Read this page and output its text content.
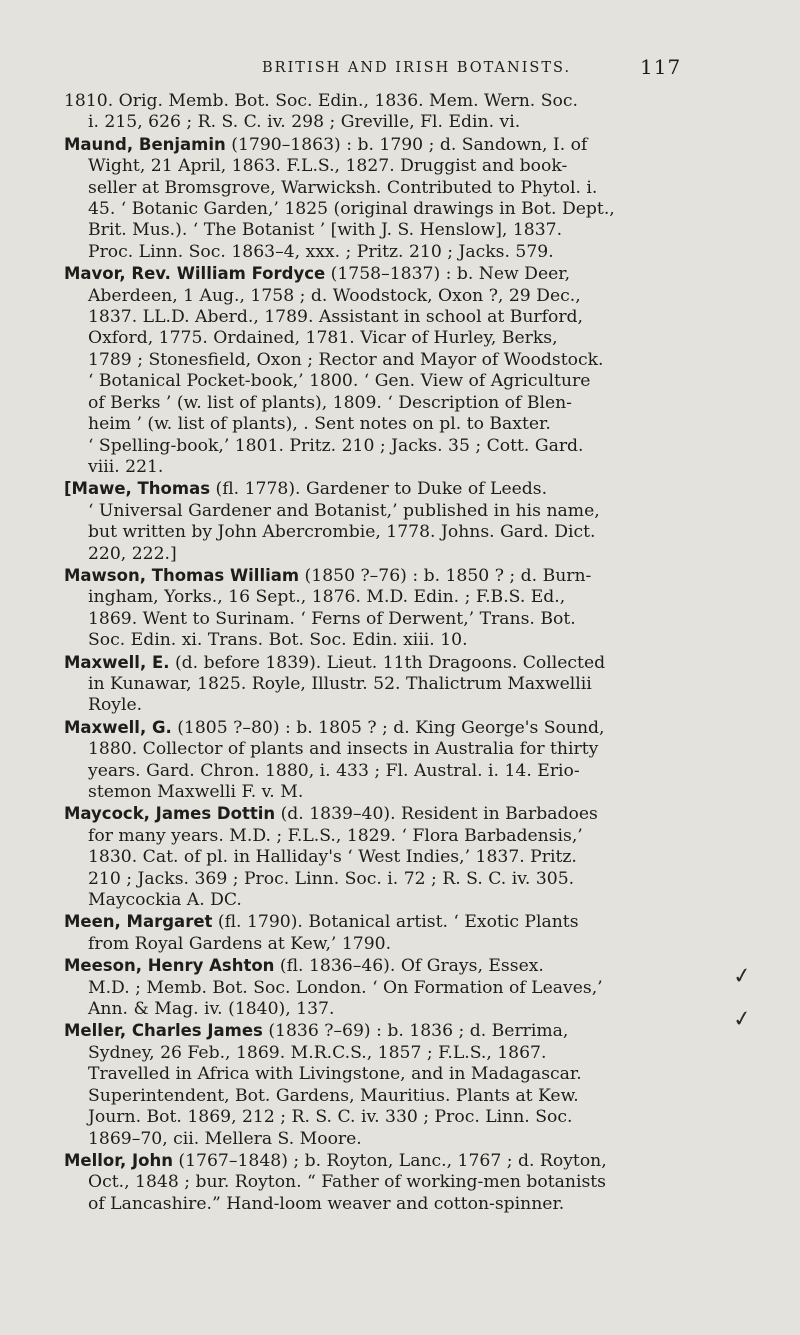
BRITISH AND IRISH BOTANISTS.	117
1810. Orig. Memb. Bot. Soc. Edin., 1836. Mem. Wern. Soc.
i. 215, 626 ; R. S. C. iv. 298 ; Greville, Fl. Edin. vi.
Maund, Benjamin (1790–1863) : b. 1790 ; d. Sandown, I. of
Wight, 21 April, 1863. F.L.S., 1827. Druggist and book-
seller at Bromsgrove, Warwicksh. Contributed to Phytol. i.
45. ‘ Botanic Garden,’ 1825 (original drawings in Bot. Dept.,
Brit. Mus.). ‘ The Botanist ’ [with J. S. Henslow], 1837.
Proc. Linn. Soc. 1863–4, xxx. ; Pritz. 210 ; Jacks. 579.
Mavor, Rev. William Fordyce (1758–1837) : b. New Deer,
Aberdeen, 1 Aug., 1758 ; d. Woodstock, Oxon ?, 29 Dec.,
1837. LL.D. Aberd., 1789. Assistant in school at Burford,
Oxford, 1775. Ordained, 1781. Vicar of Hurley, Berks,
1789 ; Stonesfield, Oxon ; Rector and Mayor of Woodstock.
‘ Botanical Pocket-book,’ 1800. ‘ Gen. View of Agriculture
of Berks ’ (w. list of plants), 1809. ‘ Description of Blen-
heim ’ (w. list of plants), . Sent notes on pl. to Baxter.
‘ Spelling-book,’ 1801. Pritz. 210 ; Jacks. 35 ; Cott. Gard.
viii. 221.
[Mawe, Thomas (fl. 1778). Gardener to Duke of Leeds.
‘ Universal Gardener and Botanist,’ published in his name,
but written by John Abercrombie, 1778. Johns. Gard. Dict.
220, 222.]
Mawson, Thomas William (1850 ?–76) : b. 1850 ? ; d. Burn-
ingham, Yorks., 16 Sept., 1876. M.D. Edin. ; F.B.S. Ed.,
1869. Went to Surinam. ‘ Ferns of Derwent,’ Trans. Bot.
Soc. Edin. xi. Trans. Bot. Soc. Edin. xiii. 10.
Maxwell, E. (d. before 1839). Lieut. 11th Dragoons. Collected
in Kunawar, 1825. Royle, Illustr. 52. Thalictrum Maxwellii
Royle.
Maxwell, G. (1805 ?–80) : b. 1805 ? ; d. King George's Sound,
1880. Collector of plants and insects in Australia for thirty
years. Gard. Chron. 1880, i. 433 ; Fl. Austral. i. 14. Erio-
stemon Maxwelli F. v. M.
Maycock, James Dottin (d. 1839–40). Resident in Barbadoes
for many years. M.D. ; F.L.S., 1829. ‘ Flora Barbadensis,’
1830. Cat. of pl. in Halliday's ‘ West Indies,’ 1837. Pritz.
210 ; Jacks. 369 ; Proc. Linn. Soc. i. 72 ; R. S. C. iv. 305.
Maycockia A. DC.
Meen, Margaret (fl. 1790). Botanical artist. ‘ Exotic Plants
from Royal Gardens at Kew,’ 1790.
Meeson, Henry Ashton (fl. 1836–46). Of Grays, Essex.
M.D. ; Memb. Bot. Soc. London. ‘ On Formation of Leaves,’
Ann. & Mag. iv. (1840), 137.
Meller, Charles James (1836 ?–69) : b. 1836 ; d. Berrima,
Sydney, 26 Feb., 1869. M.R.C.S., 1857 ; F.L.S., 1867.
Travelled in Africa with Livingstone, and in Madagascar.
Superintendent, Bot. Gardens, Mauritius. Plants at Kew.
Journ. Bot. 1869, 212 ; R. S. C. iv. 330 ; Proc. Linn. Soc.
1869–70, cii. Mellera S. Moore.
Mellor, John (1767–1848) ; b. Royton, Lanc., 1767 ; d. Royton,
Oct., 1848 ; bur. Royton. “ Father of working-men botanists
of Lancashire.” Hand-loom weaver and cotton-spinner.
✓
✓
